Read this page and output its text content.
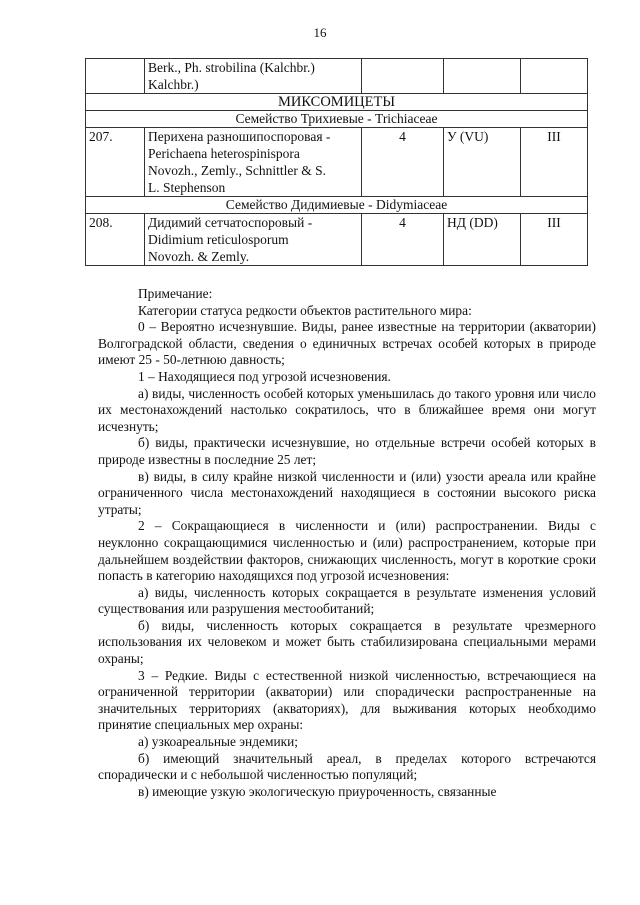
16

	Berk., Ph. strobilina (Kalchbr.)
Kalchbr.)			

МИКСОМИЦЕТЫ				
Семейство Трихиевые - Trichiaceae				
207.	Перихена разношипоспоровая -
Perichaena heterospinispora
Novozh., Zemly., Schnittler & S.
L. Stephenson	4	У (VU)	III
Семейство Дидимиевые - Didymiaceae				
208.	Дидимий сетчатоспоровый -
Didimium reticulosporum
Novozh. & Zemly.	4	НД (DD)	III

Примечание:

Категории статуса редкости объектов растительного мира:

0 – Вероятно исчезнувшие. Виды, ранее известные на территории (акватории) Волгоградской области, сведения о единичных встречах особей которых в природе имеют 25 - 50-летнюю давность;

1 – Находящиеся под угрозой исчезновения.

а) виды, численность особей которых уменьшилась до такого уровня или число их местонахождений настолько сократилось, что в ближайшее время они могут исчезнуть;

б) виды, практически исчезнувшие, но отдельные встречи особей которых в природе известны в последние 25 лет;

в) виды, в силу крайне низкой численности и (или) узости ареала или крайне ограниченного числа местонахождений находящиеся в состоянии высокого риска утраты;

2 – Сокращающиеся в численности и (или) распространении. Виды с неуклонно сокращающимися численностью и (или) распространением, которые при дальнейшем воздействии факторов, снижающих численность, могут в короткие сроки попасть в категорию находящихся под угрозой исчезновения:

а) виды, численность которых сокращается в результате изменения условий существования или разрушения местообитаний;

б) виды, численность которых сокращается в результате чрезмерного использования их человеком и может быть стабилизирована специальными мерами охраны;

3 – Редкие. Виды с естественной низкой численностью, встречающиеся на ограниченной территории (акватории) или спорадически распространенные на значительных территориях (акваториях), для выживания которых необходимо принятие специальных мер охраны:

а) узкоареальные эндемики;

б) имеющий значительный ареал, в пределах которого встречаются спорадически и с небольшой численностью популяций;

в) имеющие узкую экологическую приуроченность, связанные
